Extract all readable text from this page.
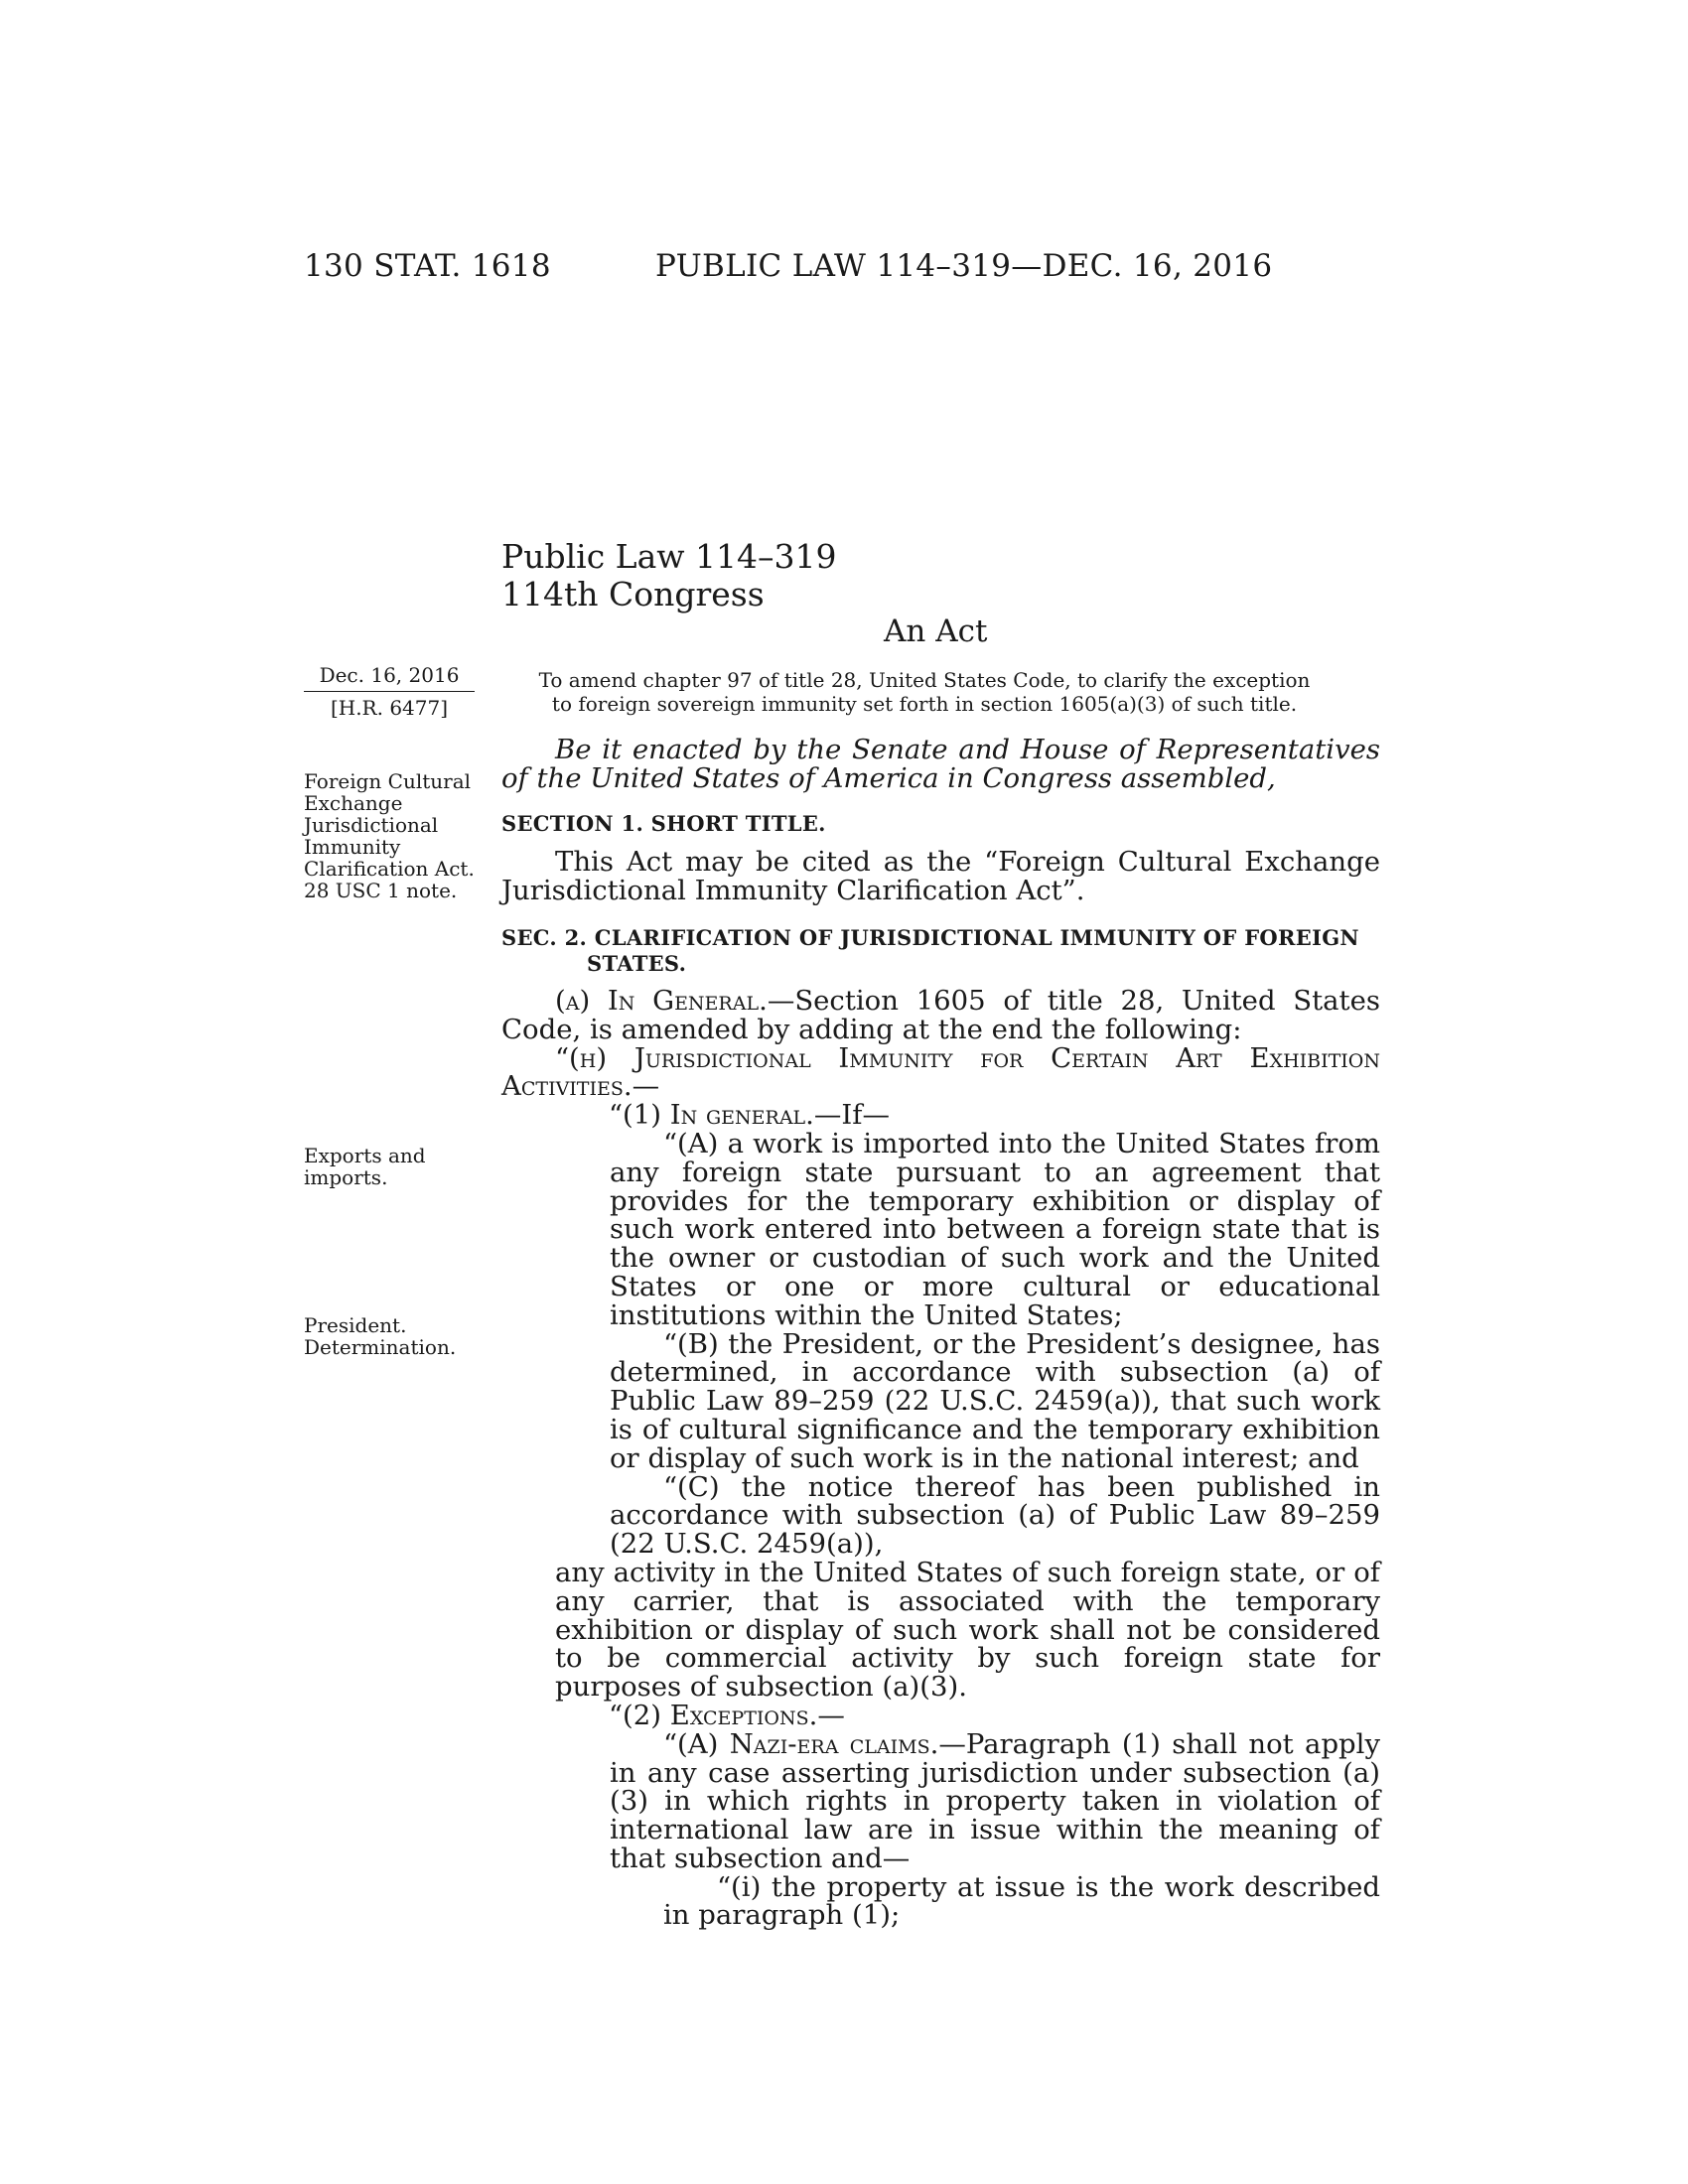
130 STAT. 1618	PUBLIC LAW 114–319—DEC. 16, 2016
Public Law 114–319
114th Congress
An Act
Dec. 16, 2016
[H.R. 6477]
To amend chapter 97 of title 28, United States Code, to clarify the exception
to foreign sovereign immunity set forth in section 1605(a)(3) of such title.
Foreign Cultural
Exchange
Jurisdictional
Immunity
Clarification Act.
28 USC 1 note.
Exports and
imports.
President.
Determination.

Be it enacted by the Senate and House of Representatives of the United States of America in Congress assembled,

SECTION 1. SHORT TITLE.

This Act may be cited as the “Foreign Cultural Exchange Jurisdictional Immunity Clarification Act”.

SEC. 2. CLARIFICATION OF JURISDICTIONAL IMMUNITY OF FOREIGN
STATES.

(a) In General.—Section 1605 of title 28, United States Code, is amended by adding at the end the following:

“(h) Jurisdictional Immunity for Certain Art Exhibition Activities.—

“(1) In general.—If—

“(A) a work is imported into the United States from any foreign state pursuant to an agreement that provides for the temporary exhibition or display of such work entered into between a foreign state that is the owner or custodian of such work and the United States or one or more cultural or educational institutions within the United States;

“(B) the President, or the President’s designee, has determined, in accordance with subsection (a) of Public Law 89–259 (22 U.S.C. 2459(a)), that such work is of cultural significance and the temporary exhibition or display of such work is in the national interest; and

“(C) the notice thereof has been published in accordance with subsection (a) of Public Law 89–259 (22 U.S.C. 2459(a)),

any activity in the United States of such foreign state, or of any carrier, that is associated with the temporary exhibition or display of such work shall not be considered to be commercial activity by such foreign state for purposes of subsection (a)(3).

“(2) Exceptions.—

“(A) Nazi-era claims.—Paragraph (1) shall not apply in any case asserting jurisdiction under subsection (a)(3) in which rights in property taken in violation of international law are in issue within the meaning of that subsection and—

“(i) the property at issue is the work described in paragraph (1);
